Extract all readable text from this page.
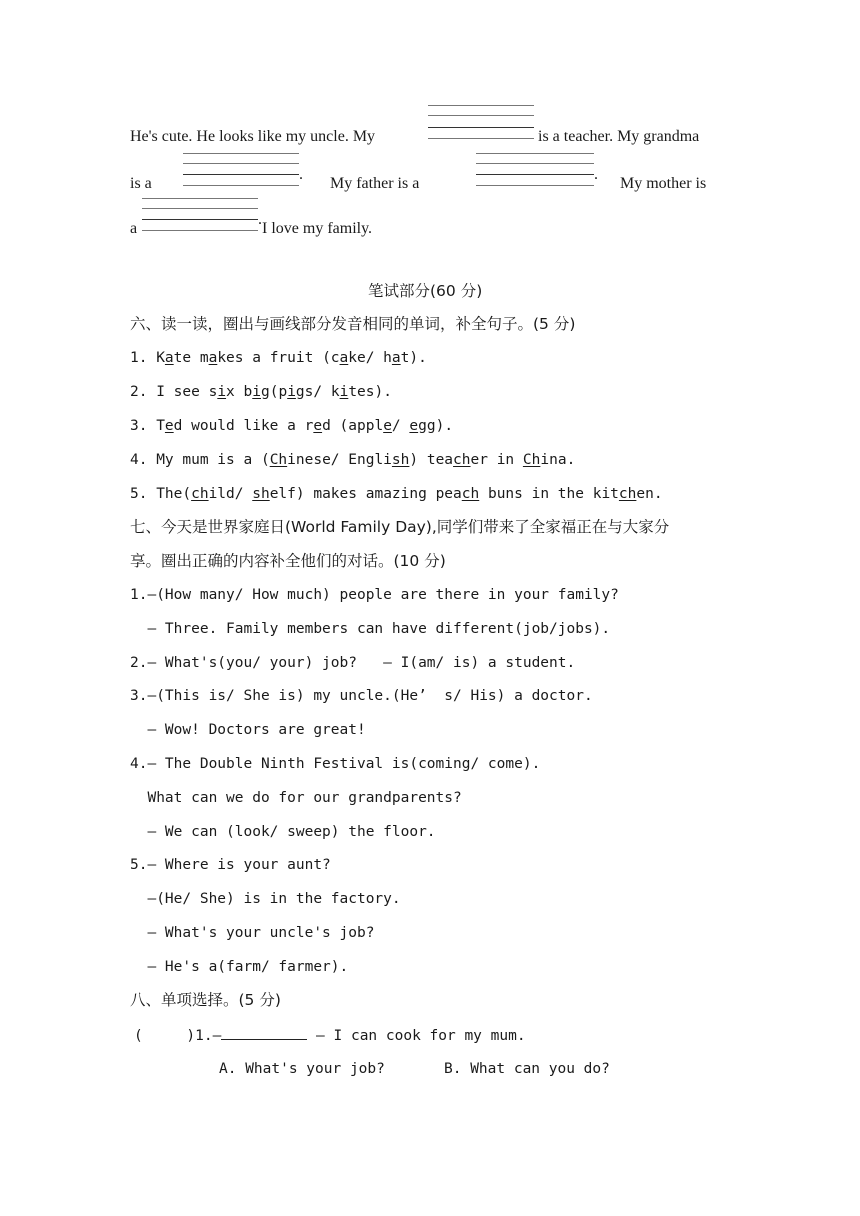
He's cute. He looks like my uncle. My	is a teacher. My grandma
is a
.
My father is a
.
My mother is
a
.
I love my family.
笔试部分(60 分)
六、读一读，圈出与画线部分发音相同的单词，补全句子。(5 分)
1. Kate makes a fruit (cake/ hat).
2. I see six big(pigs/ kites).
3. Ted would like a red (apple/ egg).
4. My mum is a (Chinese/ English) teacher in China.
5. The(child/ shelf) makes amazing peach buns in the kitchen.
七、今天是世界家庭日(World Family Day),同学们带来了全家福正在与大家分
享。圈出正确的内容补全他们的对话。(10 分)
1.—(How many/ How much) people are there in your family?
— Three. Family members can have different(job/jobs).
2.— What's(you/ your) job?   — I(am/ is) a student.
3.—(This is/ She is) my uncle.(He’  s/ His) a doctor.
— Wow! Doctors are great!
4.— The Double Ninth Festival is(coming/ come).
What can we do for our grandparents?
— We can (look/ sweep) the floor.
5.— Where is your aunt?
—(He/ She) is in the factory.
— What's your uncle's job?
— He's a(farm/ farmer).
八、单项选择。(5 分)
(     )1.—	— I can cook for my mum.
A. What's your job?	B. What can you do?
